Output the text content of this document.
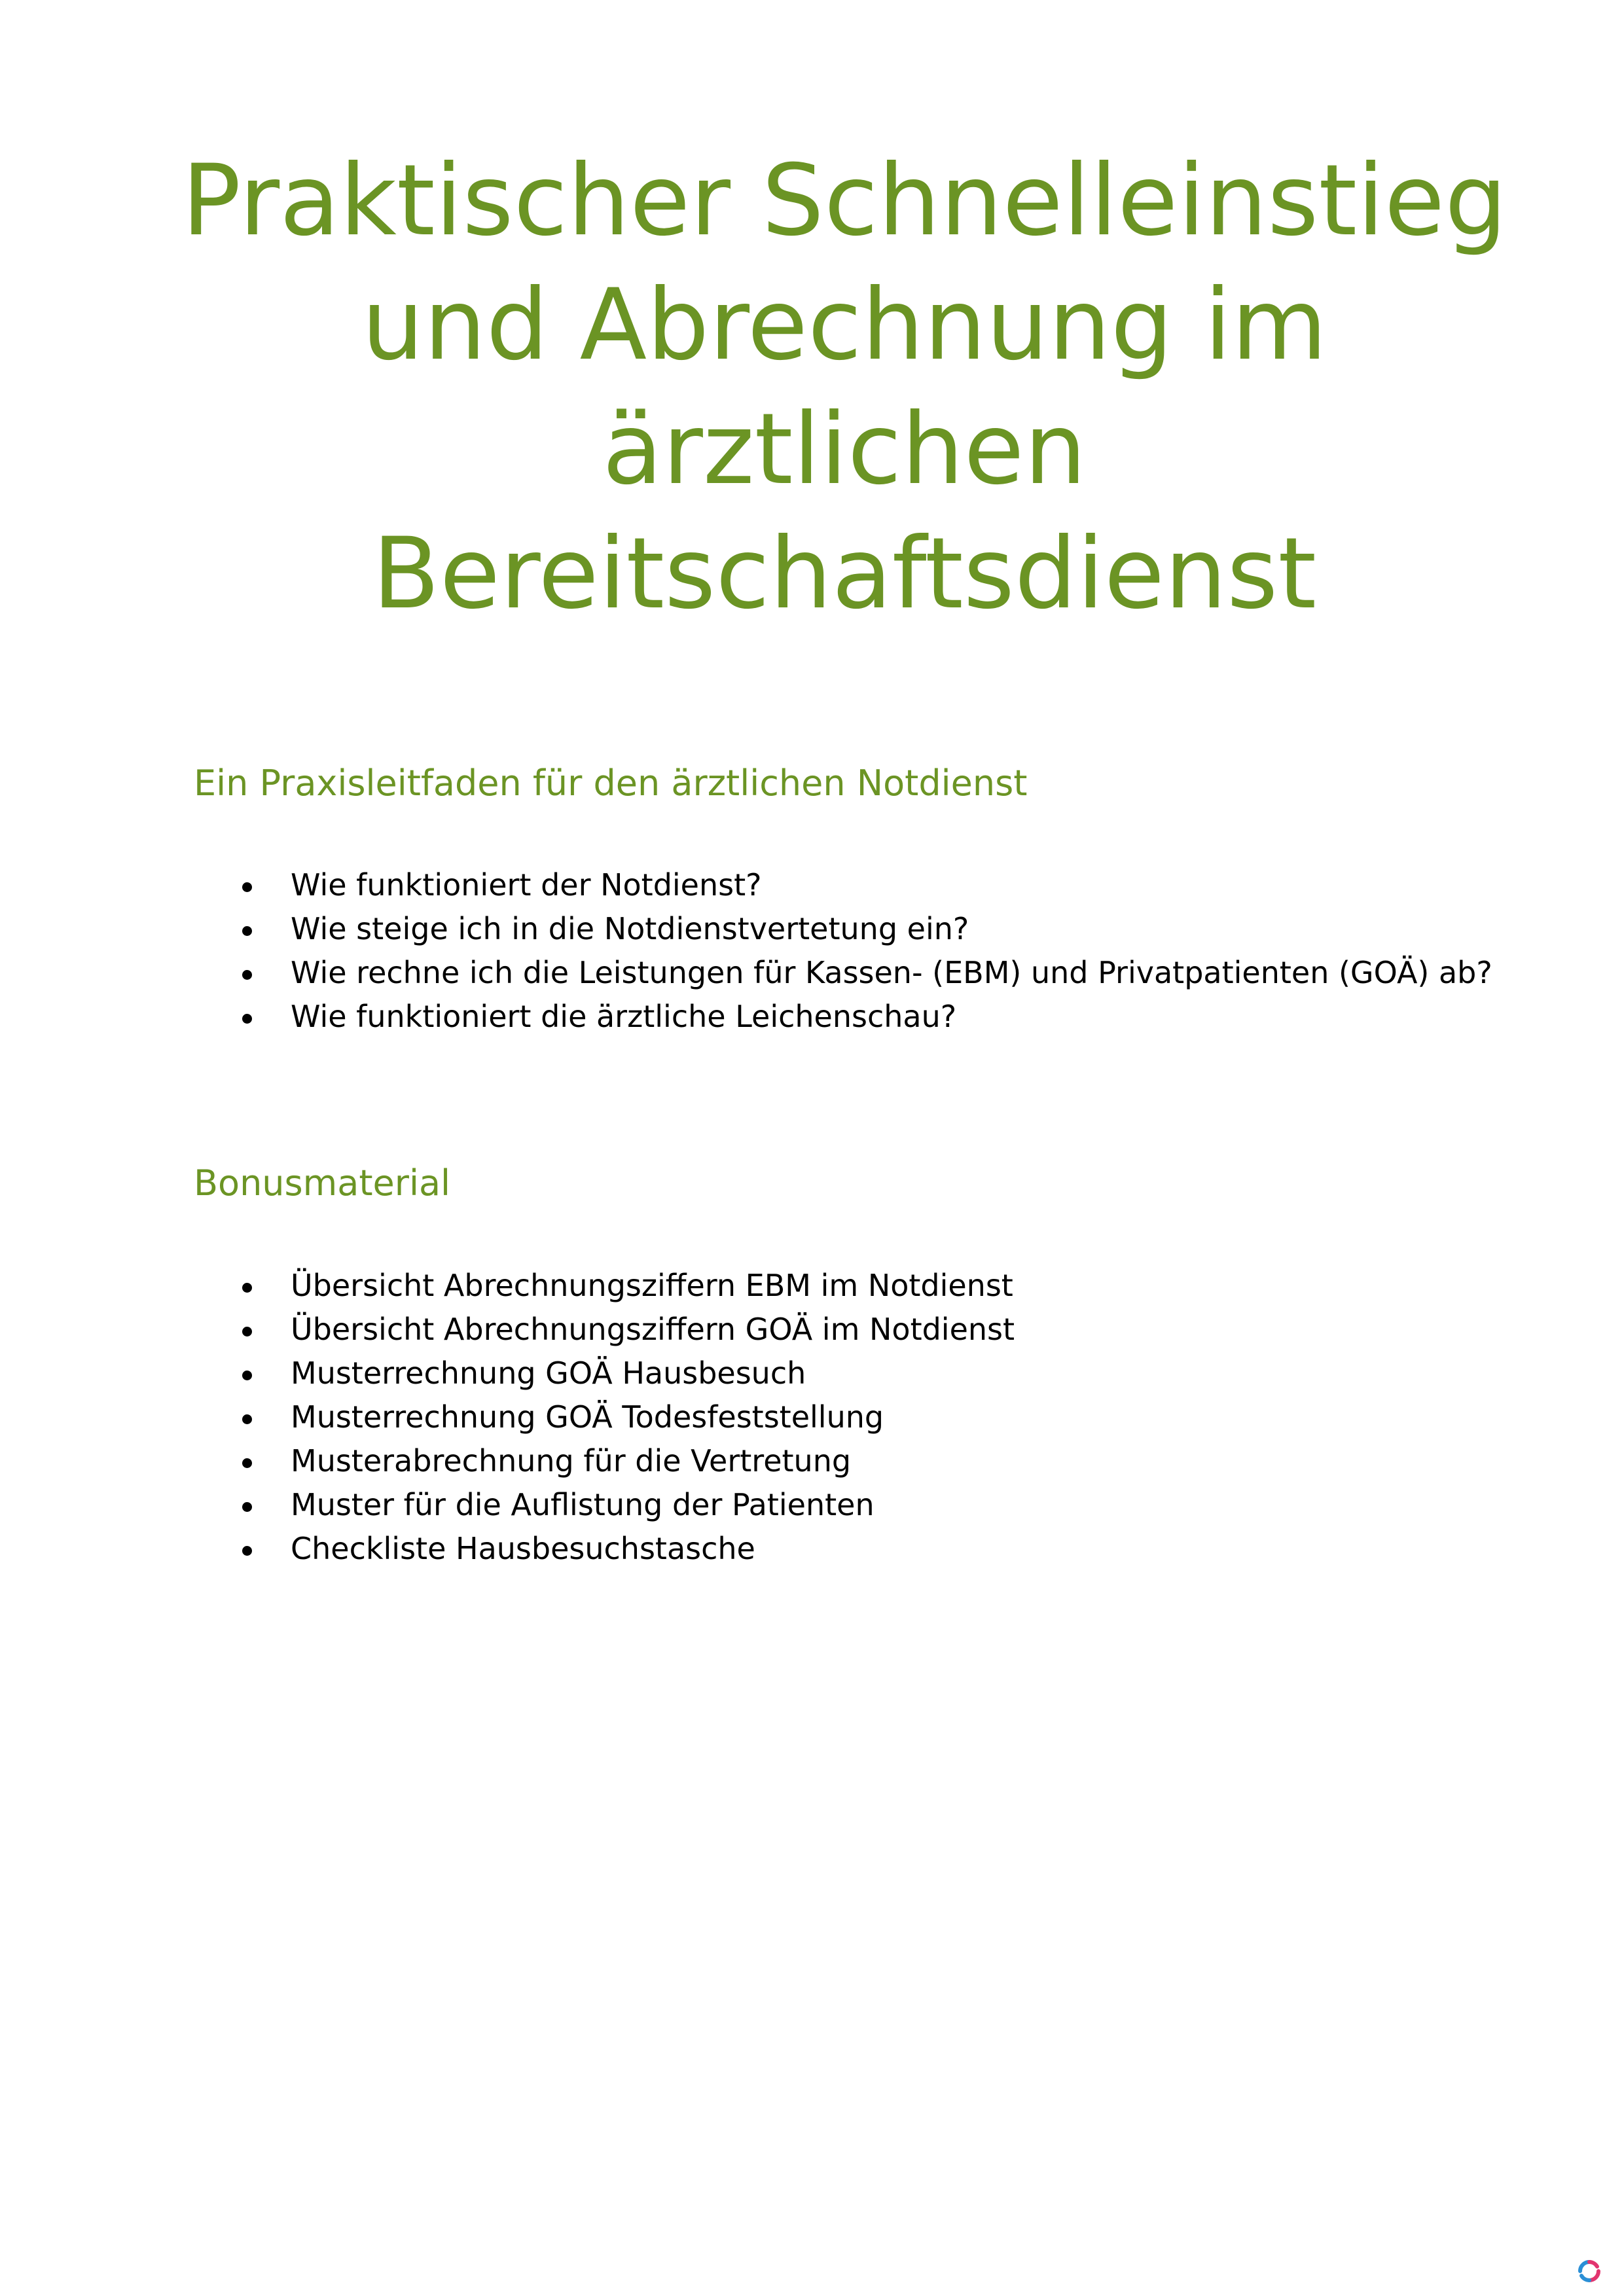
Praktischer Schnelleinstieg
und Abrechnung im
ärztlichen
Bereitschaftsdienst
Ein Praxisleitfaden für den ärztlichen Notdienst
Wie funktioniert der Notdienst?
Wie steige ich in die Notdienstvertetung ein?
Wie rechne ich die Leistungen für Kassen- (EBM) und Privatpatienten (GOÄ) ab?
Wie funktioniert die ärztliche Leichenschau?
Bonusmaterial
Übersicht Abrechnungsziffern EBM im Notdienst
Übersicht Abrechnungsziffern GOÄ im Notdienst
Musterrechnung GOÄ Hausbesuch
Musterrechnung GOÄ Todesfeststellung
Musterabrechnung für die Vertretung
Muster für die Auflistung der Patienten
Checkliste Hausbesuchstasche
